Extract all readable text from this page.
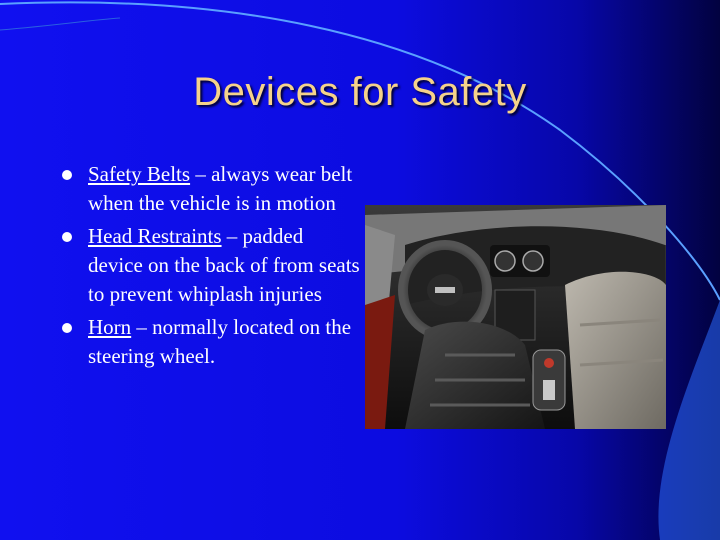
Devices for Safety
Safety Belts – always wear belt when the vehicle is in motion
Head Restraints – padded device on the back of from seats to prevent whiplash injuries
Horn – normally located on the steering wheel.
